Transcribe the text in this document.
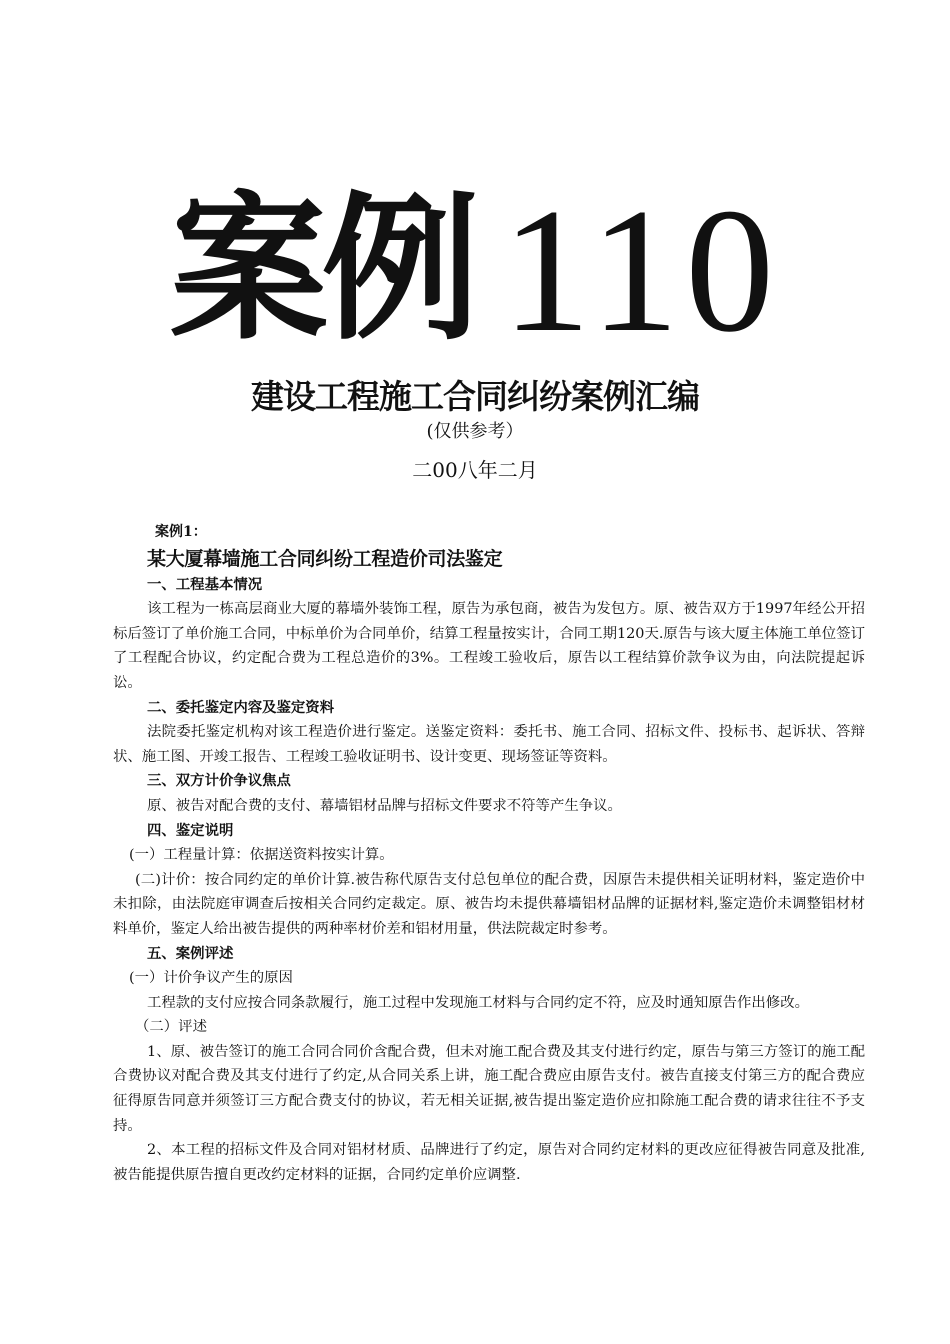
案例 110
建设工程施工合同纠纷案例汇编
(仅供参考）
二00八年二月

案例1：

某大厦幕墙施工合同纠纷工程造价司法鉴定

一、工程基本情况

该工程为一栋高层商业大厦的幕墙外装饰工程，原告为承包商，被告为发包方。原、被告双方于1997年经公开招标后签订了单价施工合同，中标单价为合同单价，结算工程量按实计，合同工期120天.原告与该大厦主体施工单位签订了工程配合协议，约定配合费为工程总造价的3%。工程竣工验收后，原告以工程结算价款争议为由，向法院提起诉讼。

二、委托鉴定内容及鉴定资料

法院委托鉴定机构对该工程造价进行鉴定。送鉴定资料：委托书、施工合同、招标文件、投标书、起诉状、答辩状、施工图、开竣工报告、工程竣工验收证明书、设计变更、现场签证等资料。

三、双方计价争议焦点

原、被告对配合费的支付、幕墙铝材品牌与招标文件要求不符等产生争议。

四、鉴定说明

(一）工程量计算：依据送资料按实计算。

(二)计价：按合同约定的单价计算.被告称代原告支付总包单位的配合费，因原告未提供相关证明材料，鉴定造价中未扣除，由法院庭审调查后按相关合同约定裁定。原、被告均未提供幕墙铝材品牌的证据材料,鉴定造价未调整铝材材料单价，鉴定人给出被告提供的两种率材价差和铝材用量，供法院裁定时参考。

五、案例评述

(一）计价争议产生的原因

工程款的支付应按合同条款履行，施工过程中发现施工材料与合同约定不符，应及时通知原告作出修改。

（二）评述

1、原、被告签订的施工合同合同价含配合费，但未对施工配合费及其支付进行约定，原告与第三方签订的施工配合费协议对配合费及其支付进行了约定,从合同关系上讲，施工配合费应由原告支付。被告直接支付第三方的配合费应征得原告同意并须签订三方配合费支付的协议，若无相关证据,被告提出鉴定造价应扣除施工配合费的请求往往不予支持。

2、本工程的招标文件及合同对铝材材质、品牌进行了约定，原告对合同约定材料的更改应征得被告同意及批准,被告能提供原告擅自更改约定材料的证据，合同约定单价应调整.
